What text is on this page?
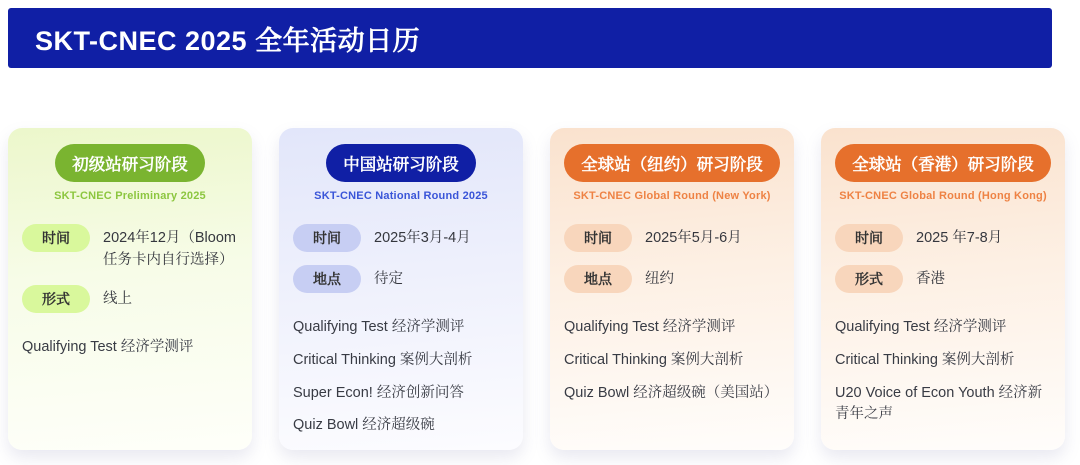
SKT-CNEC 2025 全年活动日历
初级站研习阶段
SKT-CNEC Preliminary 2025
时间	2024年12月（Bloom 任务卡内自行选择）
形式	线上
Qualifying Test 经济学测评
中国站研习阶段
SKT-CNEC National Round 2025
时间	2025年3月-4月
地点	待定
Qualifying Test 经济学测评
Critical Thinking 案例大剖析
Super Econ! 经济创新问答
Quiz Bowl 经济超级碗
全球站（纽约）研习阶段
SKT-CNEC Global Round (New York)
时间	2025年5月-6月
地点	纽约
Qualifying Test 经济学测评
Critical Thinking 案例大剖析
Quiz Bowl 经济超级碗（美国站）
全球站（香港）研习阶段
SKT-CNEC Global Round (Hong Kong)
时间	2025 年7-8月
形式	香港
Qualifying Test 经济学测评
Critical Thinking 案例大剖析
U20 Voice of Econ Youth 经济新青年之声
